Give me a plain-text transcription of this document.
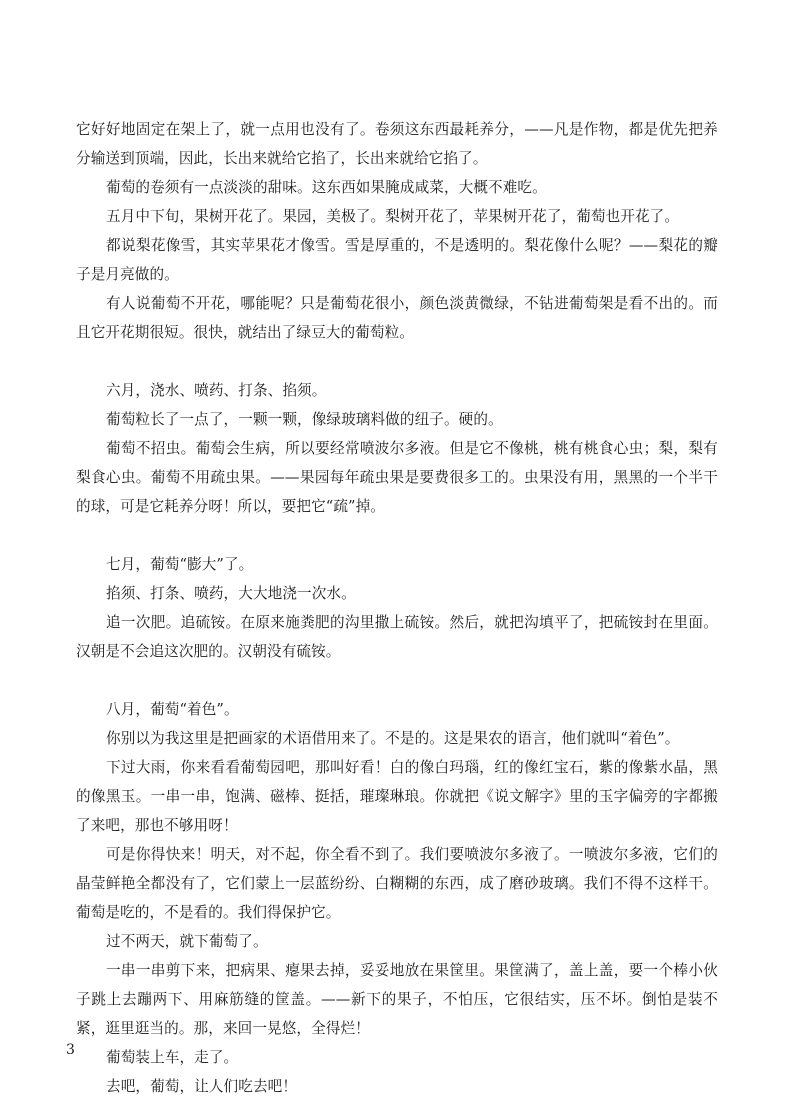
它好好地固定在架上了，就一点用也没有了。卷须这东西最耗养分，——凡是作物，都是优先把养分输送到顶端，因此，长出来就给它掐了，长出来就给它掐了。

葡萄的卷须有一点淡淡的甜味。这东西如果腌成咸菜，大概不难吃。

五月中下旬，果树开花了。果园，美极了。梨树开花了，苹果树开花了，葡萄也开花了。

都说梨花像雪，其实苹果花才像雪。雪是厚重的，不是透明的。梨花像什么呢？——梨花的瓣子是月亮做的。

有人说葡萄不开花，哪能呢？只是葡萄花很小，颜色淡黄微绿，不钻进葡萄架是看不出的。而且它开花期很短。很快，就结出了绿豆大的葡萄粒。

六月，浇水、喷药、打条、掐须。

葡萄粒长了一点了，一颗一颗，像绿玻璃料做的纽子。硬的。

葡萄不招虫。葡萄会生病，所以要经常喷波尔多液。但是它不像桃，桃有桃食心虫；梨，梨有梨食心虫。葡萄不用疏虫果。——果园每年疏虫果是要费很多工的。虫果没有用，黑黑的一个半干的球，可是它耗养分呀！所以，要把它“疏”掉。

七月，葡萄“膨大”了。

掐须、打条、喷药，大大地浇一次水。

追一次肥。追硫铵。在原来施粪肥的沟里撒上硫铵。然后，就把沟填平了，把硫铵封在里面。汉朝是不会追这次肥的。汉朝没有硫铵。

八月，葡萄“着色”。

你别以为我这里是把画家的术语借用来了。不是的。这是果农的语言，他们就叫“着色”。

下过大雨，你来看看葡萄园吧，那叫好看！白的像白玛瑙，红的像红宝石，紫的像紫水晶，黑的像黑玉。一串一串，饱满、磁棒、挺括，璀璨琳琅。你就把《说文解字》里的玉字偏旁的字都搬了来吧，那也不够用呀！

可是你得快来！明天，对不起，你全看不到了。我们要喷波尔多液了。一喷波尔多液，它们的晶莹鲜艳全都没有了，它们蒙上一层蓝纷纷、白糊糊的东西，成了磨砂玻璃。我们不得不这样干。葡萄是吃的，不是看的。我们得保护它。

过不两天，就下葡萄了。

一串一串剪下来，把病果、瘪果去掉，妥妥地放在果筐里。果筐满了，盖上盖，要一个棒小伙子跳上去蹦两下、用麻筋缝的筐盖。——新下的果子，不怕压，它很结实，压不坏。倒怕是装不紧，逛里逛当的。那，来回一晃悠，全得烂！

葡萄装上车，走了。

去吧，葡萄，让人们吃去吧！

3
